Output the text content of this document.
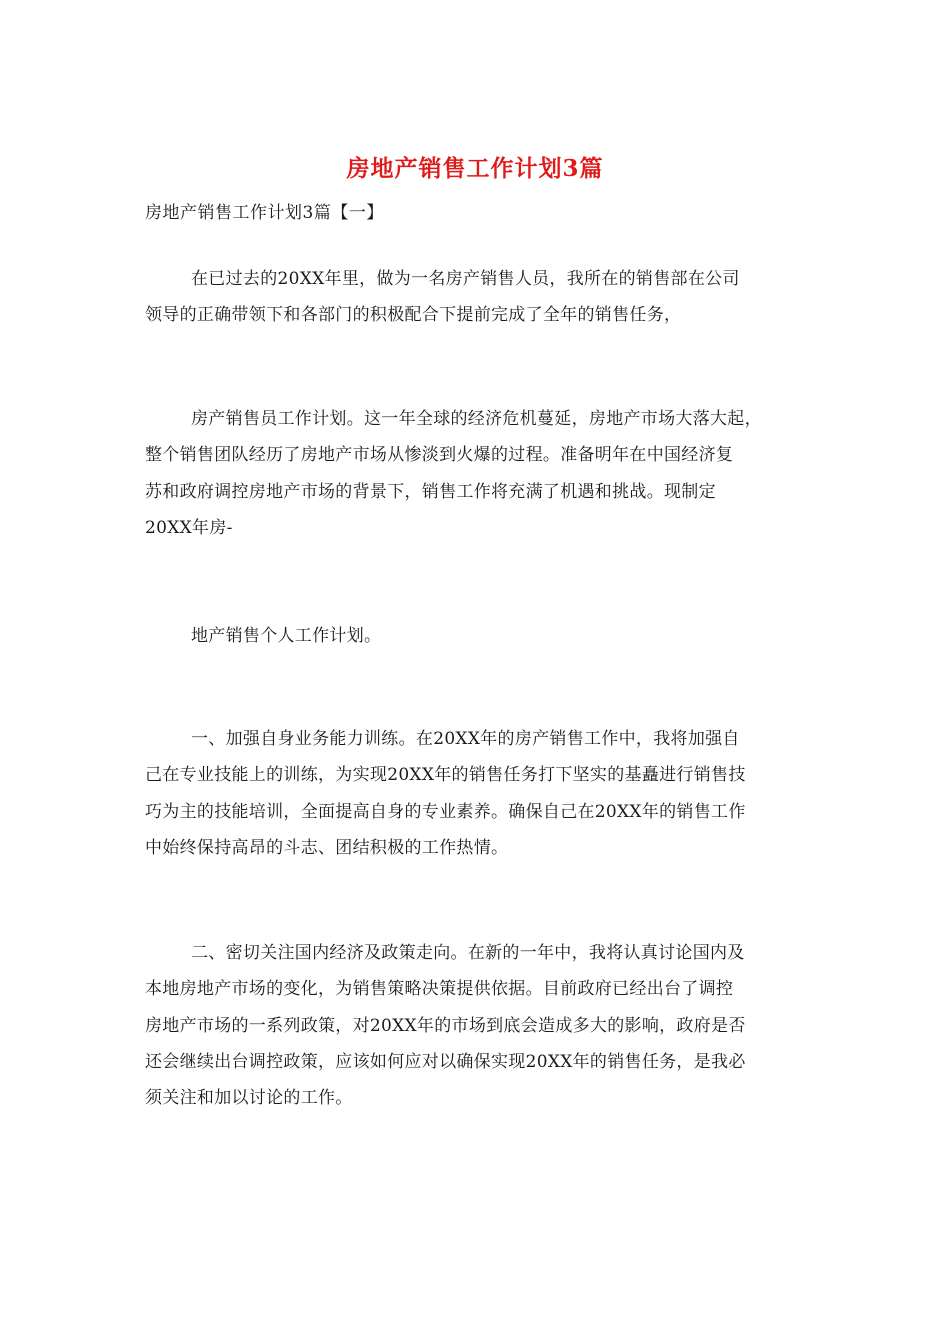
房地产销售工作计划3篇
房地产销售工作计划3篇【一】
在已过去的20XX年里，做为一名房产销售人员，我所在的销售部在公司
领导的正确带领下和各部门的积极配合下提前完成了全年的销售任务，
房产销售员工作计划。这一年全球的经济危机蔓延，房地产市场大落大起，
整个销售团队经历了房地产市场从惨淡到火爆的过程。准备明年在中国经济复
苏和政府调控房地产市场的背景下，销售工作将充满了机遇和挑战。现制定
20XX年房-
地产销售个人工作计划。
一、加强自身业务能力训练。在20XX年的房产销售工作中，我将加强自
己在专业技能上的训练，为实现20XX年的销售任务打下坚实的基矗进行销售技
巧为主的技能培训，全面提高自身的专业素养。确保自己在20XX年的销售工作
中始终保持高昂的斗志、团结积极的工作热情。
二、密切关注国内经济及政策走向。在新的一年中，我将认真讨论国内及
本地房地产市场的变化，为销售策略决策提供依据。目前政府已经出台了调控
房地产市场的一系列政策，对20XX年的市场到底会造成多大的影响，政府是否
还会继续出台调控政策，应该如何应对以确保实现20XX年的销售任务，是我必
须关注和加以讨论的工作。
